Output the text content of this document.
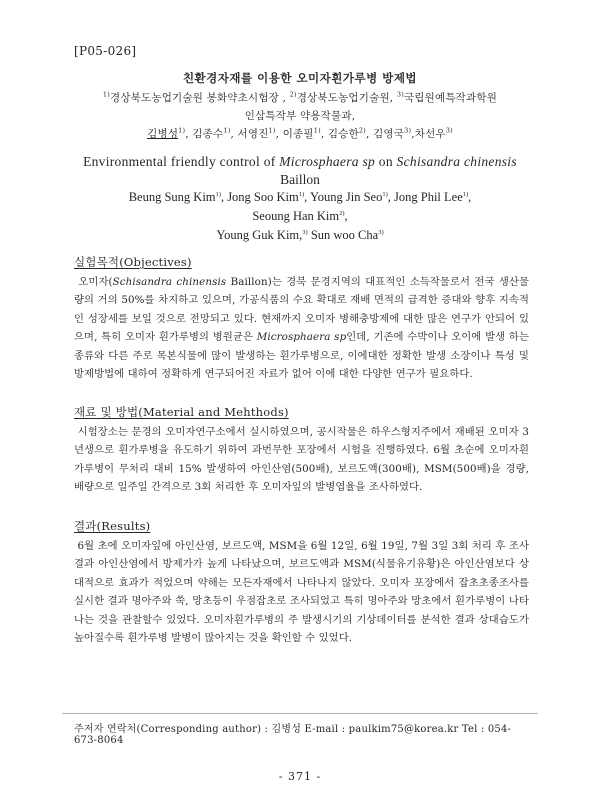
[P05-026]
친환경자재를 이용한 오미자흰가루병 방제법
$^{1)}$경상북도농업기술원 봉화약초시험장 , $^{2)}$경상북도농업기술원, $^{3)}$국립원예특작과학원
인삼특작부 약용작물과,
김병성$^{1)}$, 김종수$^{1)}$, 서영진$^{1)}$, 이종필$^{1)}$, 김승한$^{2)}$, 김영국$^{3)}$,차선우$^{3)}$
Environmental friendly control of Microsphaera sp on Schisandra chinensis
Baillon
Beung Sung Kim$^{1)}$, Jong Soo Kim$^{1)}$, Young Jin Seo$^{1)}$, Jong Phil Lee$^{1)}$,
Seoung Han Kim$^{2)}$,
Young Guk Kim,$^{3)}$ Sun woo Cha$^{3)}$

실험목적(Objectives)

오미자(Schisandra chinensis Baillon)는 경북 문경지역의 대표적인 소득작물로서 전국 생산물량의 거의 50%를 차지하고 있으며, 가공식품의 수요 확대로 재배 면적의 급격한 증대와 향후 지속적인 성장세를 보일 것으로 전망되고 있다. 현재까지 오미자 병해충방제에 대한 많은 연구가 안되어 있으며, 특히 오미자 흰가루병의 병원균은 Microsphaera sp인데, 기존에 수박이나 오이에 발생 하는 종류와 다른 주로 목본식물에 많이 발생하는 흰가루병으로, 이에대한 정확한 발생 소장이나 특성 및 방제방법에 대하여 정확하게 연구되어진 자료가 없어 이에 대한 다양한 연구가 필요하다.

재료 및 방법(Material and Mehthods)

시험장소는 문경의 오미자연구소에서 실시하였으며, 공시작물은 하우스형지주에서 재배된 오미자 3년생으로 흰가루병을 유도하기 위하여 과번무한 포장에서 시험을 진행하였다. 6월 초순에 오미자흰가루병이 무처리 대비 15% 발생하여 아인산염(500배), 보르도액(300배), MSM(500배)을 경량, 배량으로 일주일 간격으로 3회 처리한 후 오미자잎의 발병엽율을 조사하였다.

결과(Results)

6월 초에 오미자잎에 아인산염, 보르도액, MSM을 6월 12일, 6월 19일, 7월 3일 3회 처리 후 조사결과 아인산염에서 방제가가 높게 나타났으며, 보르도액과 MSM(식물유기유황)은 아인산염보다 상대적으로 효과가 적었으며 약해는 모든자재에서 나타나지 않았다. 오미자 포장에서 잡초초종조사를 실시한 결과 명아주와 쑥, 망초등이 우점잡초로 조사되었고 특히 명아주와 망초에서 흰가루병이 나타나는 것을 관찰할수 있었다. 오미자흰가루병의 주 발생시기의 기상데이터를 분석한 결과 상대습도가 높아질수록 흰가루병 발병이 많아지는 것을 확인할 수 있었다.

주저자 연락처(Corresponding author) : 김병성 E-mail : paulkim75@korea.kr Tel : 054-673-8064
- 371 -
